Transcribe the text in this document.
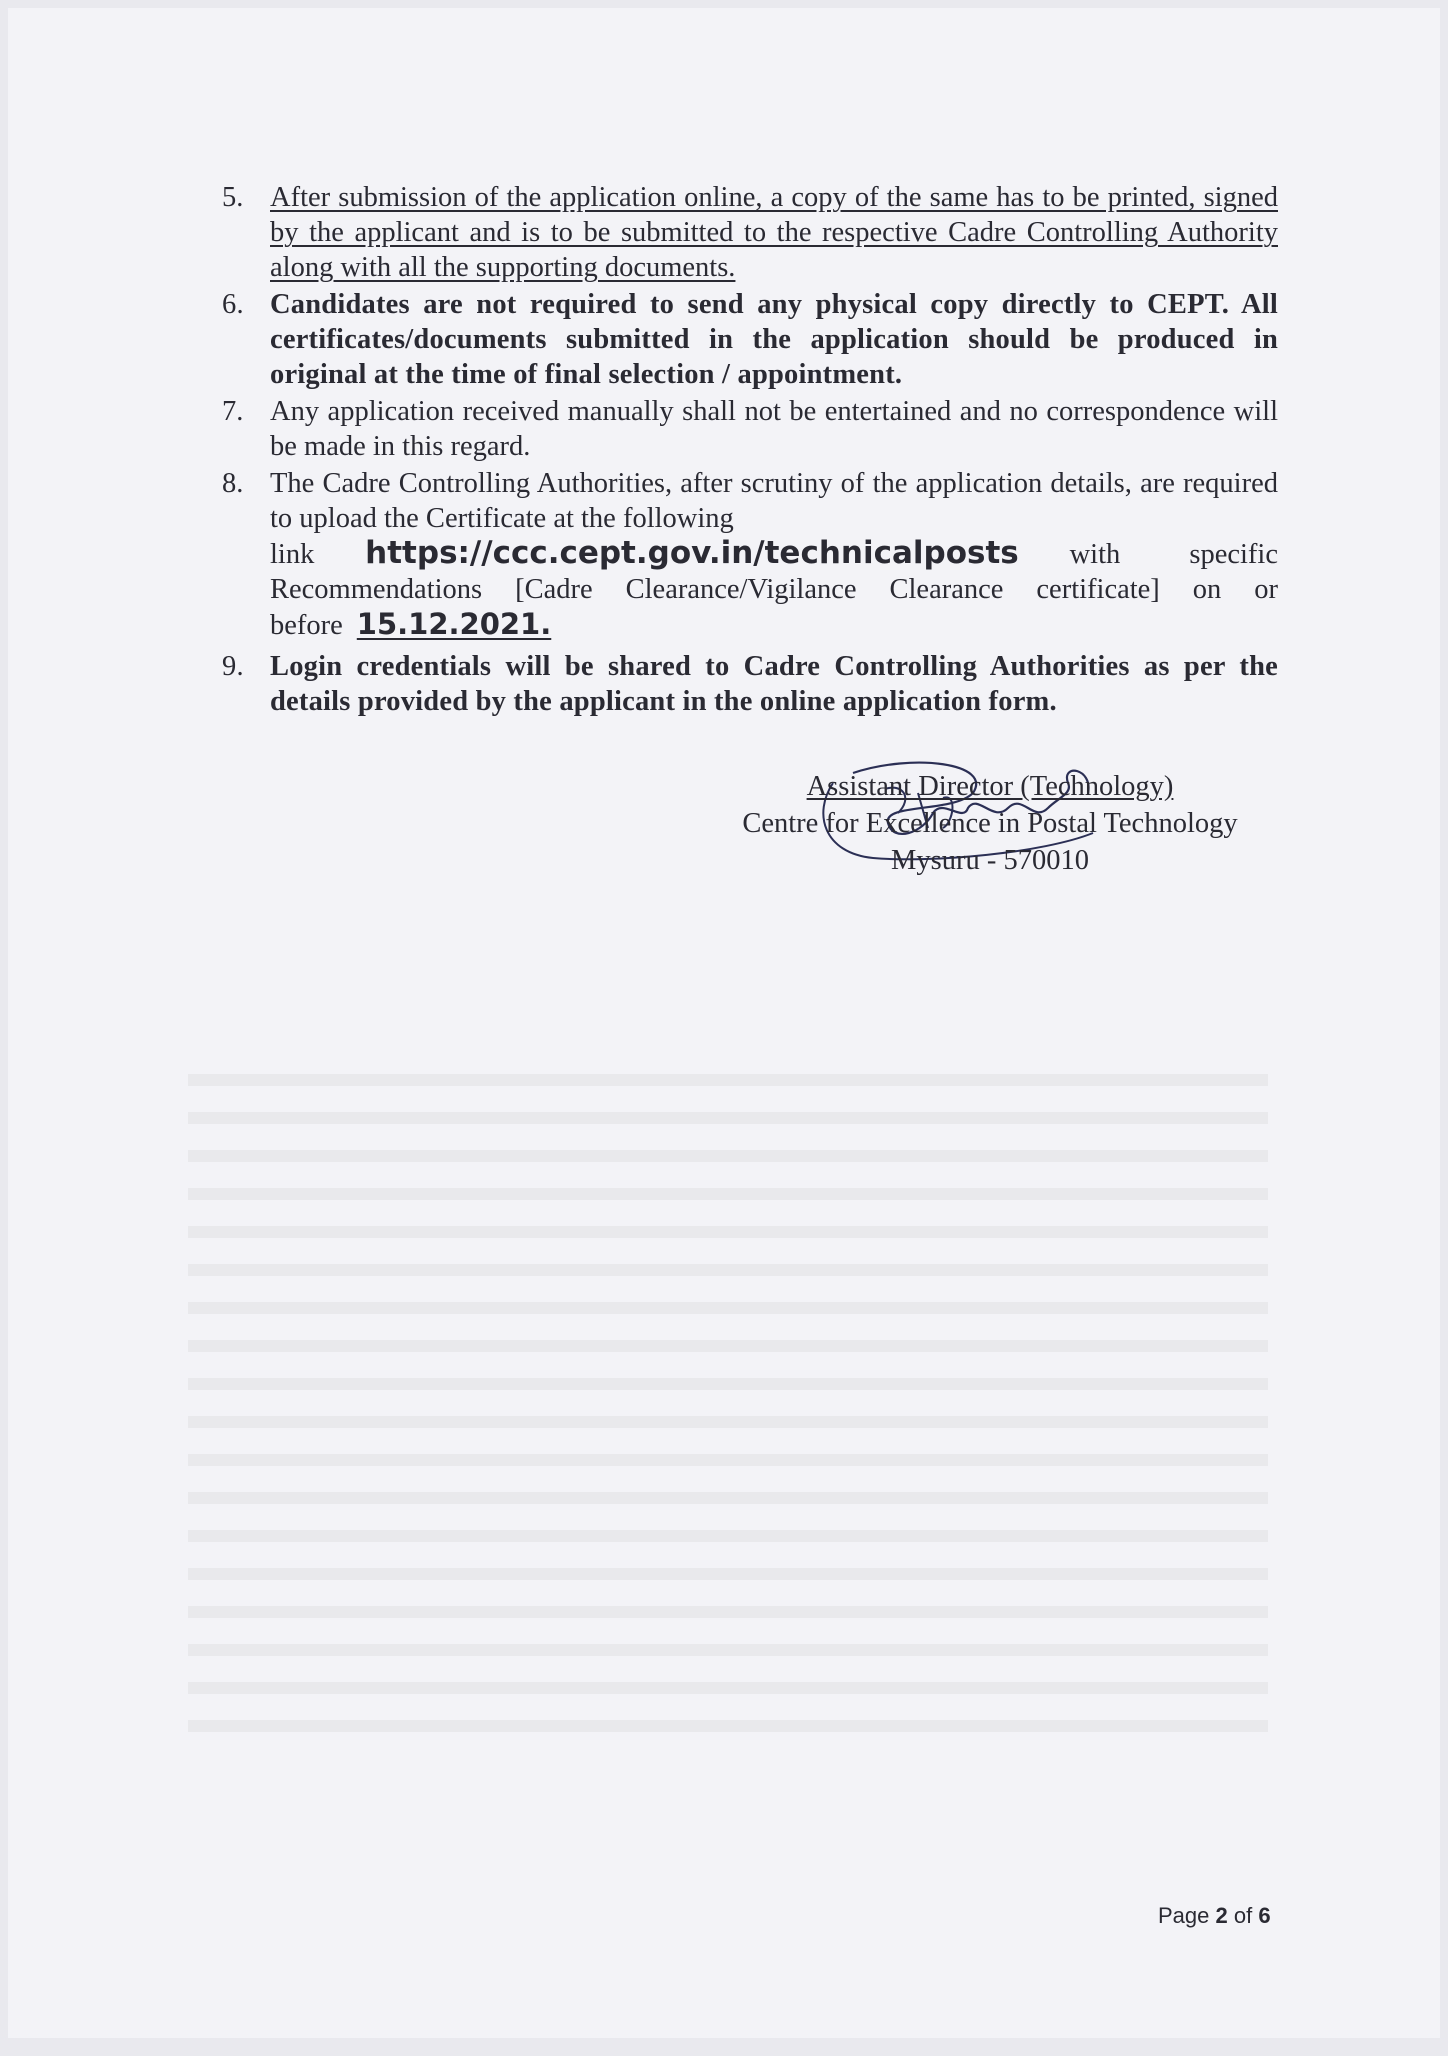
5. After submission of the application online, a copy of the same has to be printed, signed by the applicant and is to be submitted to the respective Cadre Controlling Authority along with all the supporting documents.
6. Candidates are not required to send any physical copy directly to CEPT. All certificates/documents submitted in the application should be produced in original at the time of final selection / appointment.
7. Any application received manually shall not be entertained and no correspondence will be made in this regard.
8. The Cadre Controlling Authorities, after scrutiny of the application details, are required to upload the Certificate at the following
link https://ccc.cept.gov.in/technicalposts with specific
Recommendations [Cadre Clearance/Vigilance Clearance certificate] on or before 15.12.2021.
9. Login credentials will be shared to Cadre Controlling Authorities as per the details provided by the applicant in the online application form.
Assistant Director (Technology)
Centre for Excellence in Postal Technology
Mysuru - 570010
Page 2 of 6
